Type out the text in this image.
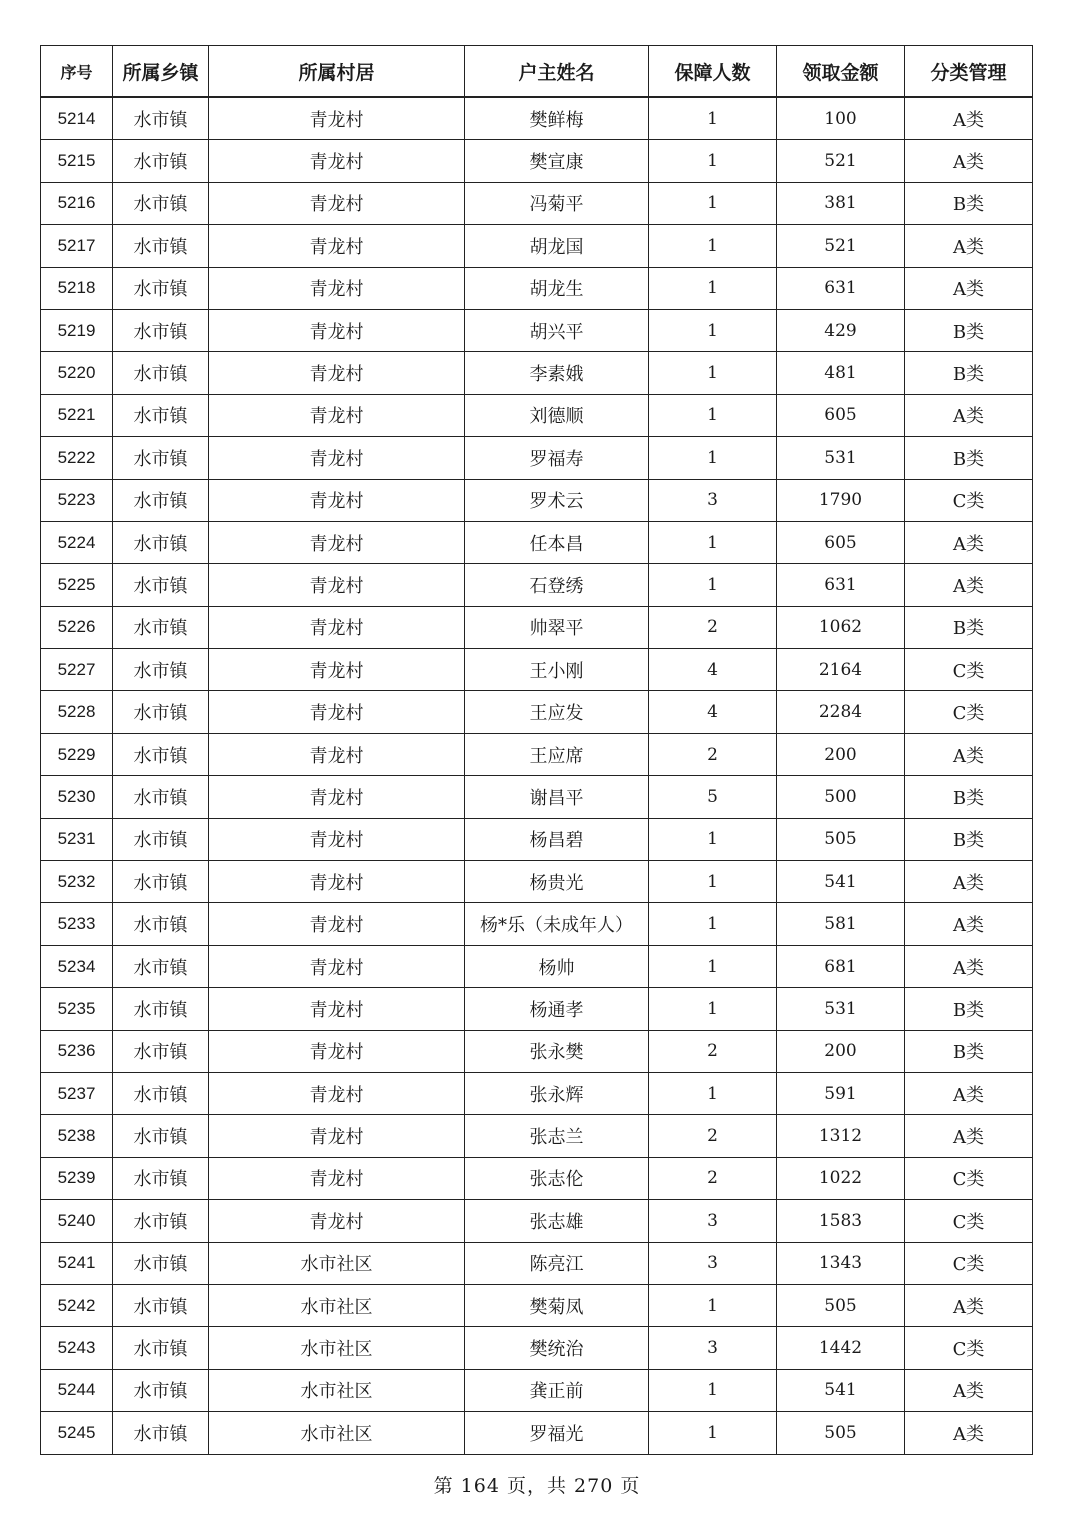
序号	所属乡镇	所属村居	户主姓名	保障人数	领取金额	分类管理
5214	水市镇	青龙村	樊鲜梅	1	100	A类
5215	水市镇	青龙村	樊宣康	1	521	A类
5216	水市镇	青龙村	冯菊平	1	381	B类
5217	水市镇	青龙村	胡龙国	1	521	A类
5218	水市镇	青龙村	胡龙生	1	631	A类
5219	水市镇	青龙村	胡兴平	1	429	B类
5220	水市镇	青龙村	李素娥	1	481	B类
5221	水市镇	青龙村	刘德顺	1	605	A类
5222	水市镇	青龙村	罗福寿	1	531	B类
5223	水市镇	青龙村	罗术云	3	1790	C类
5224	水市镇	青龙村	任本昌	1	605	A类
5225	水市镇	青龙村	石登绣	1	631	A类
5226	水市镇	青龙村	帅翠平	2	1062	B类
5227	水市镇	青龙村	王小刚	4	2164	C类
5228	水市镇	青龙村	王应发	4	2284	C类
5229	水市镇	青龙村	王应席	2	200	A类
5230	水市镇	青龙村	谢昌平	5	500	B类
5231	水市镇	青龙村	杨昌碧	1	505	B类
5232	水市镇	青龙村	杨贵光	1	541	A类
5233	水市镇	青龙村	杨*乐（未成年人）	1	581	A类
5234	水市镇	青龙村	杨帅	1	681	A类
5235	水市镇	青龙村	杨通孝	1	531	B类
5236	水市镇	青龙村	张永樊	2	200	B类
5237	水市镇	青龙村	张永辉	1	591	A类
5238	水市镇	青龙村	张志兰	2	1312	A类
5239	水市镇	青龙村	张志伦	2	1022	C类
5240	水市镇	青龙村	张志雄	3	1583	C类
5241	水市镇	水市社区	陈亮江	3	1343	C类
5242	水市镇	水市社区	樊菊凤	1	505	A类
5243	水市镇	水市社区	樊统治	3	1442	C类
5244	水市镇	水市社区	龚正前	1	541	A类
5245	水市镇	水市社区	罗福光	1	505	A类
第 164 页，共 270 页
